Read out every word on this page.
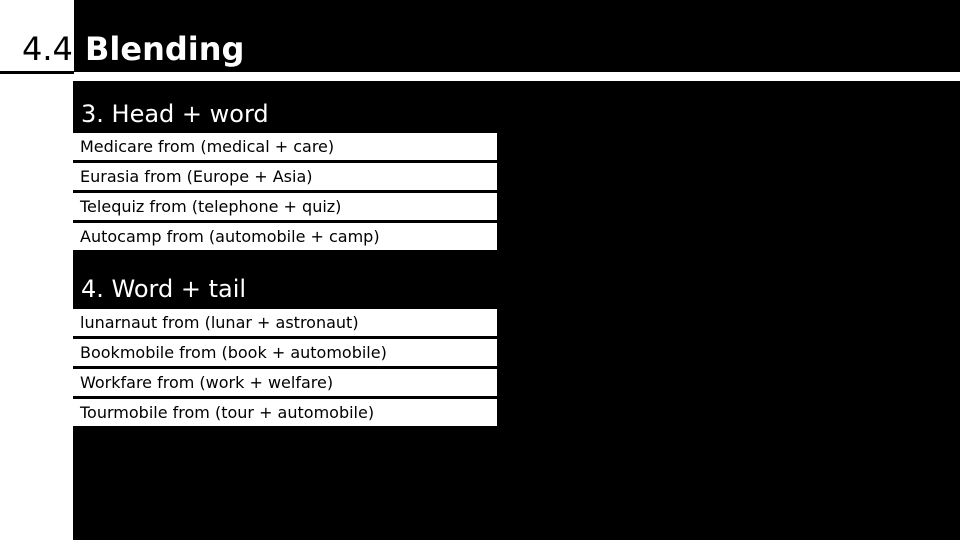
4.4 Blending
3. Head + word
Medicare from (medical + care)
Eurasia from (Europe + Asia)
Telequiz from (telephone + quiz)
Autocamp from (automobile + camp)
4. Word + tail
lunarnaut from (lunar + astronaut)
Bookmobile from (book + automobile)
Workfare from (work + welfare)
Tourmobile from (tour + automobile)
